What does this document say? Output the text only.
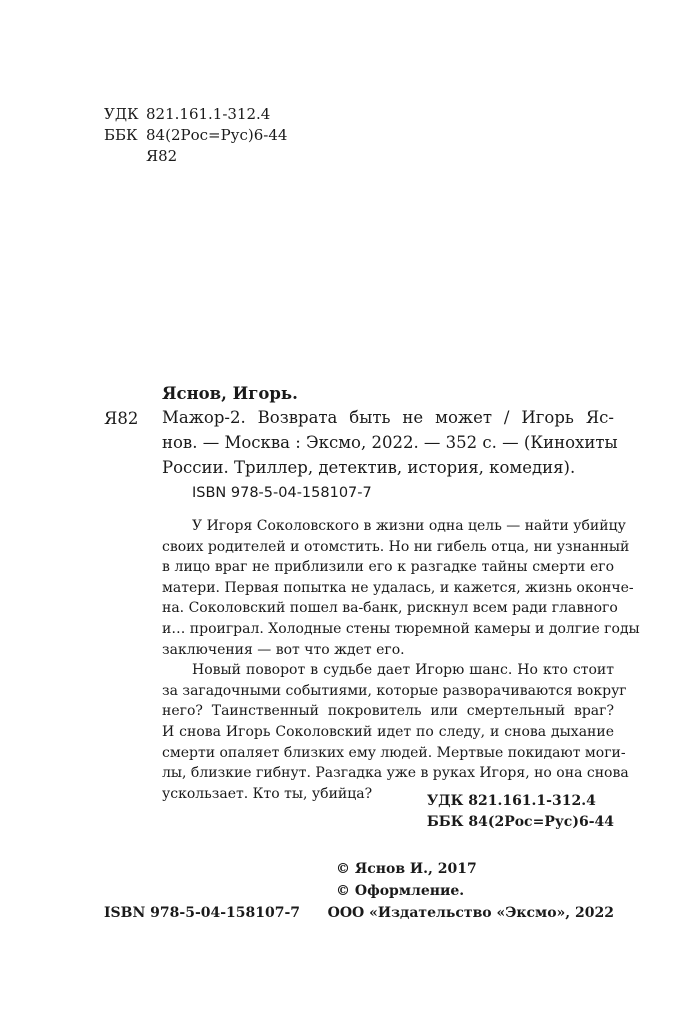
УДК 821.161.1-312.4
ББК 84(2Рос=Рус)6-44
Я82
Яснов, Игорь.
Я82 Мажор-2. Возврата быть не может / Игорь Яс-
нов. — Москва : Эксмо, 2022. — 352 с. — (Кинохиты
России. Триллер, детектив, история, комедия).
ISBN 978-5-04-158107-7
У Игоря Соколовского в жизни одна цель — найти убийцу
своих родителей и отомстить. Но ни гибель отца, ни узнанный
в лицо враг не приблизили его к разгадке тайны смерти его
матери. Первая попытка не удалась, и кажется, жизнь оконче-
на. Соколовский пошел ва-банк, рискнул всем ради главного
и… проиграл. Холодные стены тюремной камеры и долгие годы
заключения — вот что ждет его.
Новый поворот в судьбе дает Игорю шанс. Но кто стоит
за загадочными событиями, которые разворачиваются вокруг
него? Таинственный покровитель или смертельный враг?
И снова Игорь Соколовский идет по следу, и снова дыхание
смерти опаляет близких ему людей. Мертвые покидают моги-
лы, близкие гибнут. Разгадка уже в руках Игоря, но она снова
ускользает. Кто ты, убийца?	УДК 821.161.1-312.4
ББК 84(2Рос=Рус)6-44
© Яснов И., 2017
© Оформление.
ISBN 978-5-04-158107-7 ООО «Издательство «Эксмо», 2022
